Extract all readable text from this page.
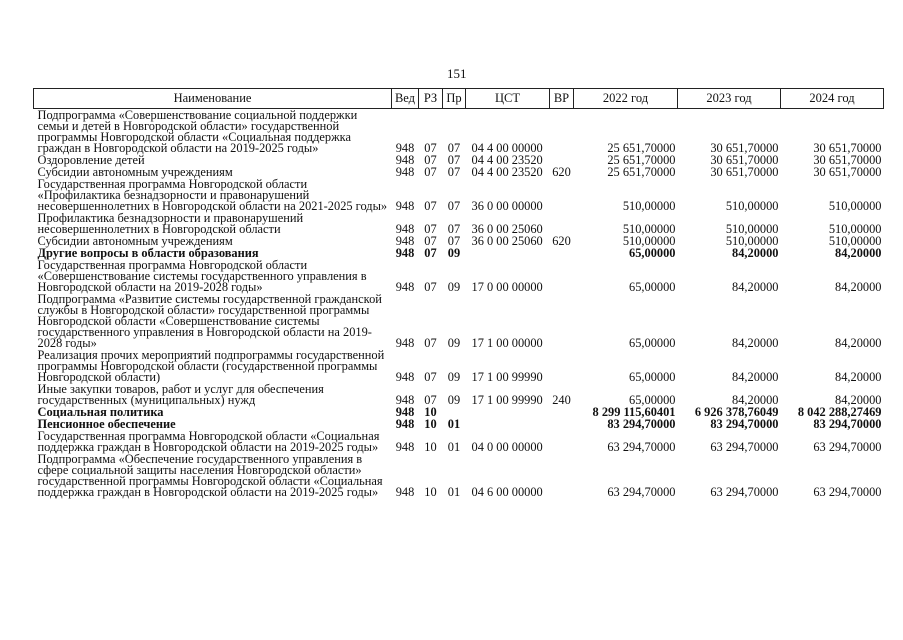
151
Наименование	Вед	РЗ	Пр	ЦСТ	ВР	2022 год	2023 год	2024 год
Подпрограмма «Совершенствование социальной поддержки семьи и детей в Новгородской области» государственной программы Новгородской области «Социальная поддержка граждан в Новгородской области на 2019-2025 годы»	948	07	07	04 4 00 00000		25 651,70000	30 651,70000	30 651,70000
Оздоровление детей	948	07	07	04 4 00 23520		25 651,70000	30 651,70000	30 651,70000
Субсидии автономным учреждениям	948	07	07	04 4 00 23520	620	25 651,70000	30 651,70000	30 651,70000
Государственная программа Новгородской области «Профилактика безнадзорности и правонарушений несовершеннолетних в Новгородской области на 2021-2025 годы»	948	07	07	36 0 00 00000		510,00000	510,00000	510,00000
Профилактика безнадзорности и правонарушений несовершеннолетних в Новгородской области	948	07	07	36 0 00 25060		510,00000	510,00000	510,00000
Субсидии автономным учреждениям	948	07	07	36 0 00 25060	620	510,00000	510,00000	510,00000
Другие вопросы в области образования	948	07	09			65,00000	84,20000	84,20000
Государственная программа Новгородской области «Совершенствование системы государственного управления в Новгородской области на 2019-2028 годы»	948	07	09	17 0 00 00000		65,00000	84,20000	84,20000
Подпрограмма «Развитие системы государственной гражданской службы в Новгородской области» государственной программы Новгородской области «Совершенствование системы государственного управления в Новгородской области на 2019-2028 годы»	948	07	09	17 1 00 00000		65,00000	84,20000	84,20000
Реализация прочих мероприятий подпрограммы государственной программы Новгородской области (государственной программы Новгородской области)	948	07	09	17 1 00 99990		65,00000	84,20000	84,20000
Иные закупки товаров, работ и услуг для обеспечения государственных (муниципальных) нужд	948	07	09	17 1 00 99990	240	65,00000	84,20000	84,20000
Социальная политика	948	10				8 299 115,60401	6 926 378,76049	8 042 288,27469
Пенсионное обеспечение	948	10	01			83 294,70000	83 294,70000	83 294,70000
Государственная программа Новгородской области «Социальная поддержка граждан в Новгородской области на 2019-2025 годы»	948	10	01	04 0 00 00000		63 294,70000	63 294,70000	63 294,70000
Подпрограмма «Обеспечение государственного управления в сфере социальной защиты населения Новгородской области» государственной программы Новгородской области «Социальная поддержка граждан в Новгородской области на 2019-2025 годы»	948	10	01	04 6 00 00000		63 294,70000	63 294,70000	63 294,70000
